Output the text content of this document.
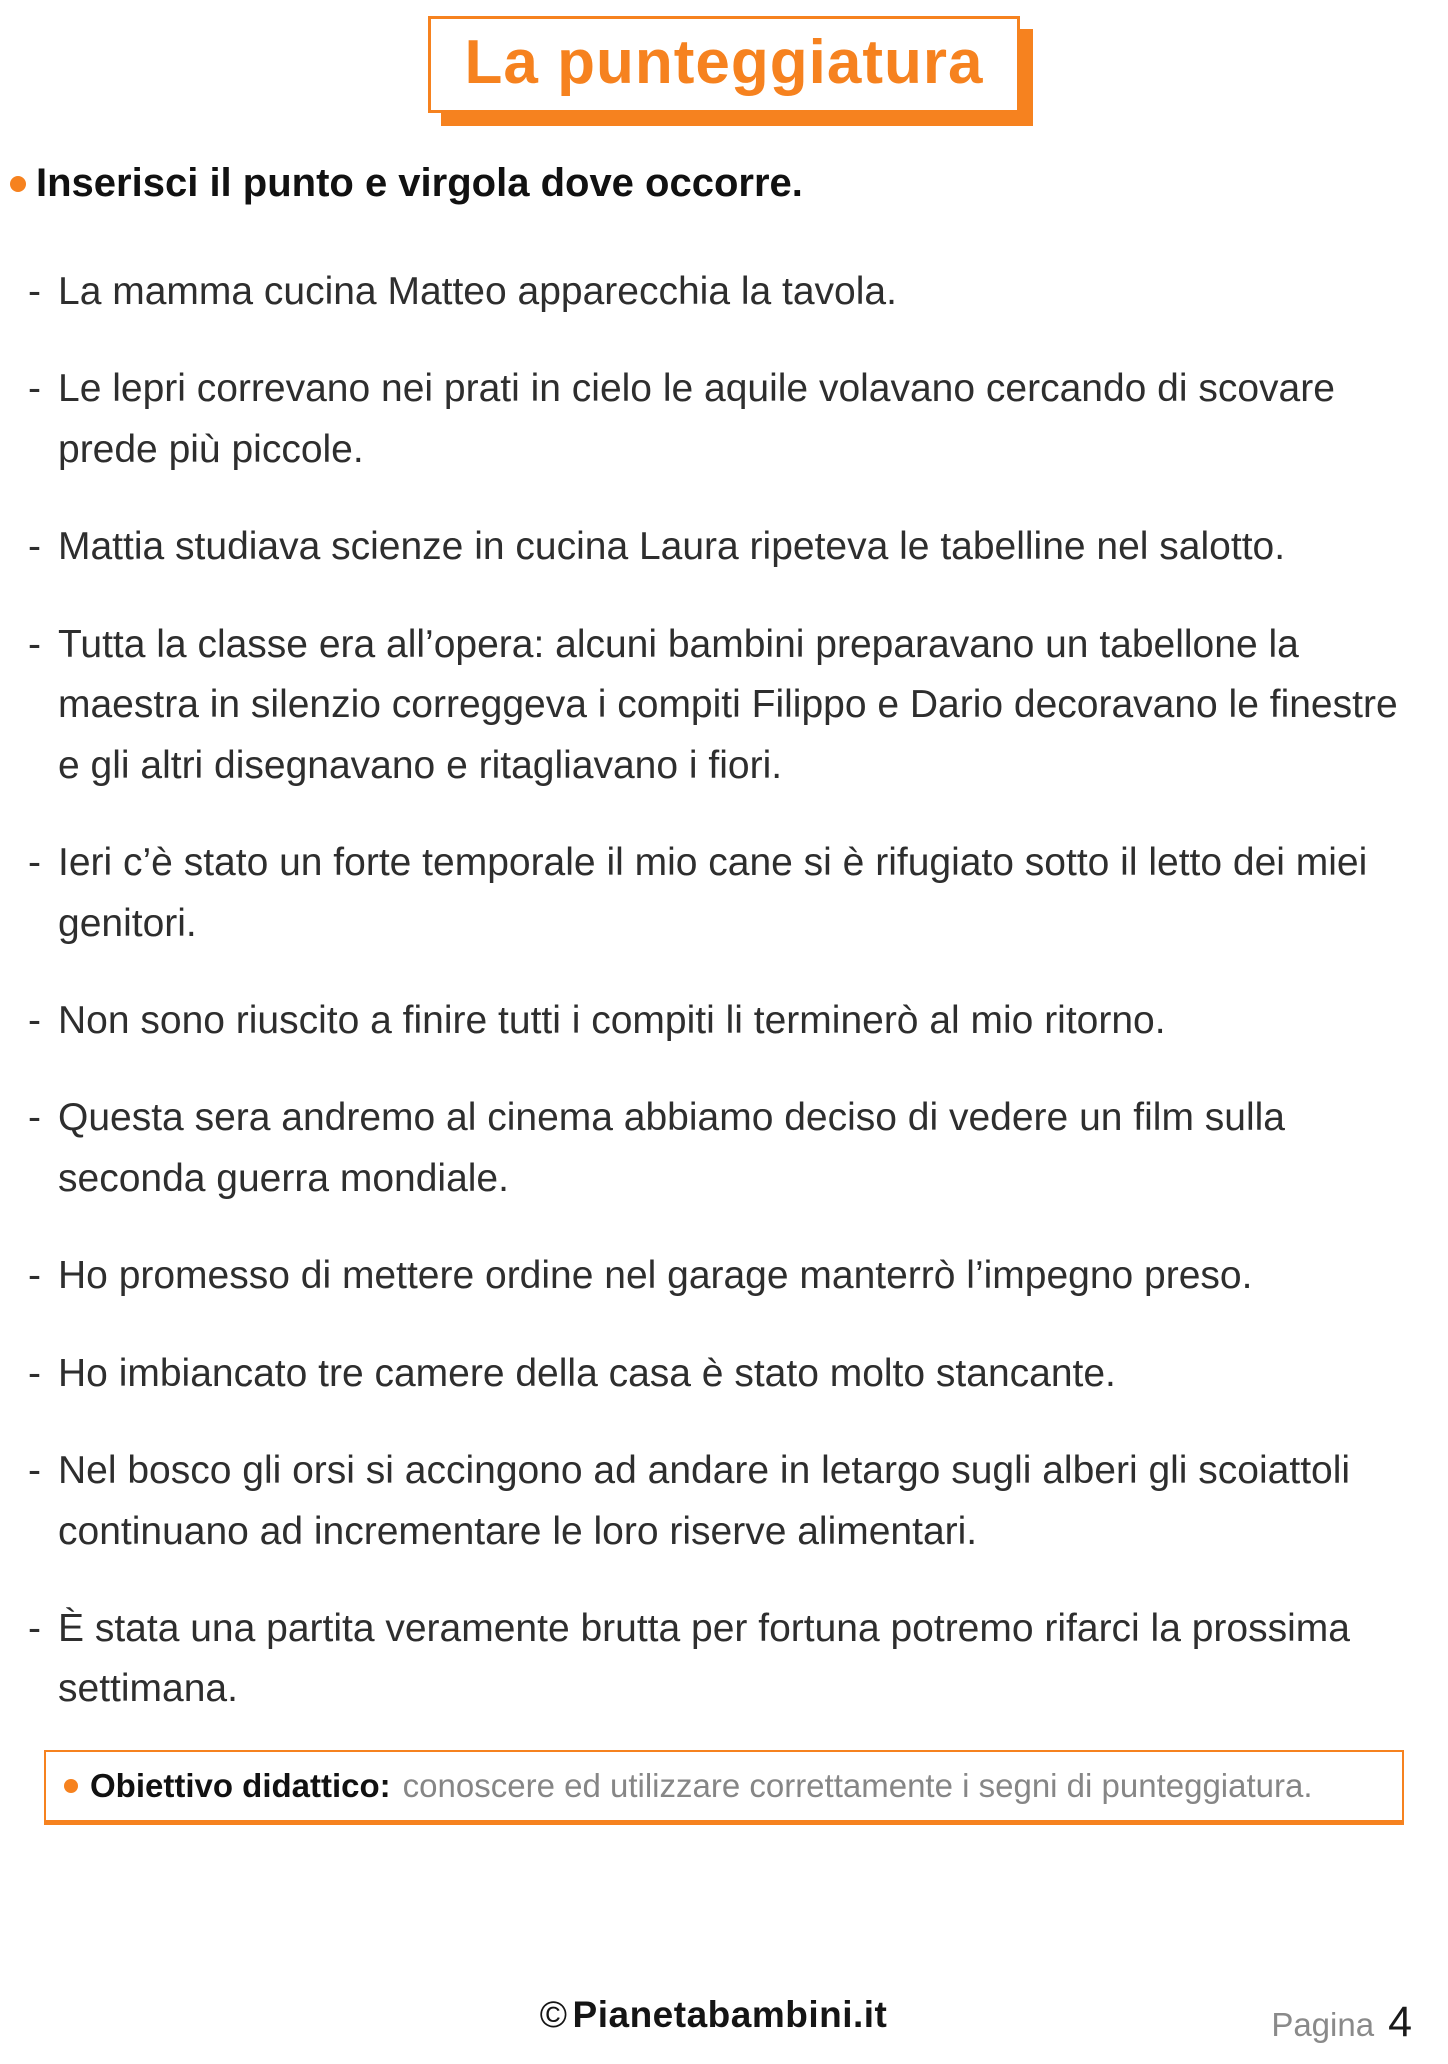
La punteggiatura
Inserisci il punto e virgola dove occorre.
- La mamma cucina Matteo apparecchia la tavola.
- Le lepri correvano nei prati in cielo le aquile volavano cercando di scovare prede più piccole.
- Mattia studiava scienze in cucina Laura ripeteva le tabelline nel salotto.
- Tutta la classe era all’opera: alcuni bambini preparavano un tabellone la maestra in silenzio correggeva i compiti Filippo e Dario decoravano le finestre e gli altri disegnavano e ritagliavano i fiori.
- Ieri c’è stato un forte temporale il mio cane si è rifugiato sotto il letto dei miei genitori.
- Non sono riuscito a finire tutti i compiti li terminerò al mio ritorno.
- Questa sera andremo al cinema abbiamo deciso di vedere un film sulla seconda guerra mondiale.
- Ho promesso di mettere ordine nel garage manterrò l’impegno preso.
- Ho imbiancato tre camere della casa è stato molto stancante.
- Nel bosco gli orsi si accingono ad andare in letargo sugli alberi gli scoiattoli continuano ad incrementare le loro riserve alimentari.
- È stata una partita veramente brutta per fortuna potremo rifarci la prossima settimana.
Obiettivo didattico: conoscere ed utilizzare correttamente i segni di punteggiatura.
© Pianetabambini.it	Pagina 4
